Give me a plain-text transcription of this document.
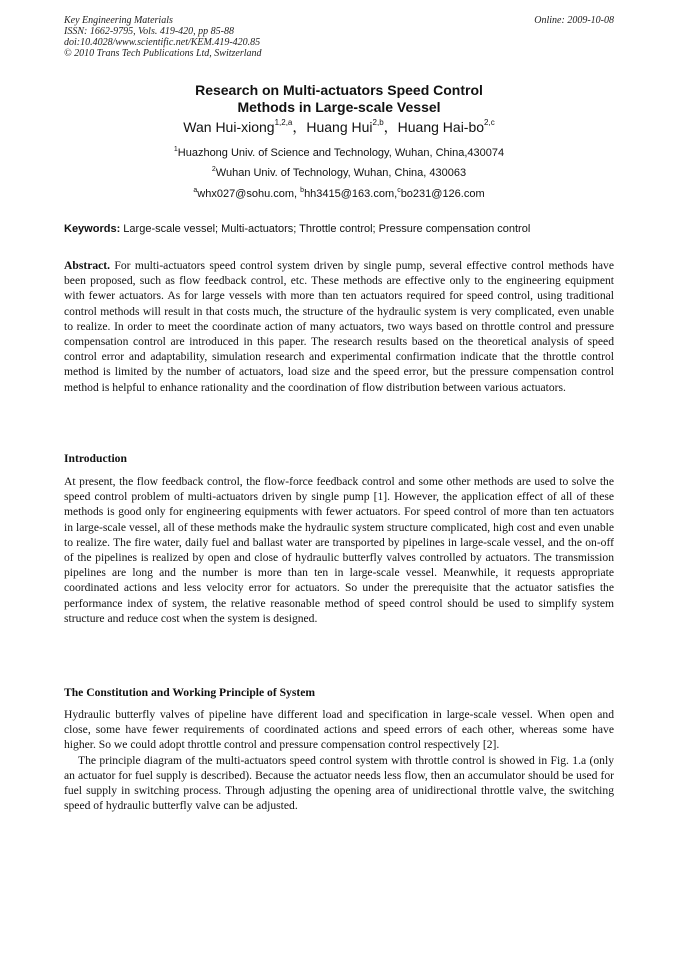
Key Engineering Materials
ISSN: 1662-9795, Vols. 419-420, pp 85-88
doi:10.4028/www.scientific.net/KEM.419-420.85
© 2010 Trans Tech Publications Ltd, Switzerland
Online: 2009-10-08
Research on Multi-actuators Speed Control
Methods in Large-scale Vessel
Wan Hui-xiong$^{1,2,a}$，Huang Hui$^{2,b}$，Huang Hai-bo$^{2,c}$
$^1$Huazhong Univ. of Science and Technology, Wuhan, China,430074
$^2$Wuhan Univ. of Technology, Wuhan, China, 430063
$^a$whx027@sohu.com, $^b$hh3415@163.com,$^c$bo231@126.com
Keywords: Large-scale vessel; Multi-actuators; Throttle control; Pressure compensation control

Abstract. For multi-actuators speed control system driven by single pump, several effective control methods have been proposed, such as flow feedback control, etc. These methods are effective only to the engineering equipment with fewer actuators. As for large vessels with more than ten actuators required for speed control, using traditional control methods will result in that costs much, the structure of the hydraulic system is very complicated, even unable to realize. In order to meet the coordinate action of many actuators, two ways based on throttle control and pressure compensation control are introduced in this paper. The research results based on the theoretical analysis of speed control error and adaptability, simulation research and experimental confirmation indicate that the throttle control method is limited by the number of actuators, load size and the speed error, but the pressure compensation control method is helpful to enhance rationality and the coordination of flow distribution between various actuators.

Introduction

At present, the flow feedback control, the flow-force feedback control and some other methods are used to solve the speed control problem of multi-actuators driven by single pump [1]. However, the application effect of all of these methods is good only for engineering equipments with fewer actuators. For speed control of more than ten actuators in large-scale vessel, all of these methods make the hydraulic system structure complicated, high cost and even unable to realize. The fire water, daily fuel and ballast water are transported by pipelines in large-scale vessel, and the on-off of the pipelines is realized by open and close of hydraulic butterfly valves controlled by actuators. The transmission pipelines are long and the number is more than ten in large-scale vessel. Meanwhile, it requests appropriate coordinated actions and less velocity error for actuators. So under the prerequisite that the actuator satisfies the performance index of system, the relative reasonable method of speed control should be used to simplify system structure and reduce cost when the system is designed.

The Constitution and Working Principle of System

Hydraulic butterfly valves of pipeline have different load and specification in large-scale vessel. When open and close, some have fewer requirements of coordinated actions and speed errors of each other, whereas some have higher. So we could adopt throttle control and pressure compensation control respectively [2].

The principle diagram of the multi-actuators speed control system with throttle control is showed in Fig. 1.a (only an actuator for fuel supply is described). Because the actuator needs less flow, then an accumulator should be used for fuel supply in switching process. Through adjusting the opening area of unidirectional throttle valve, the switching speed of hydraulic butterfly valve can be adjusted.
